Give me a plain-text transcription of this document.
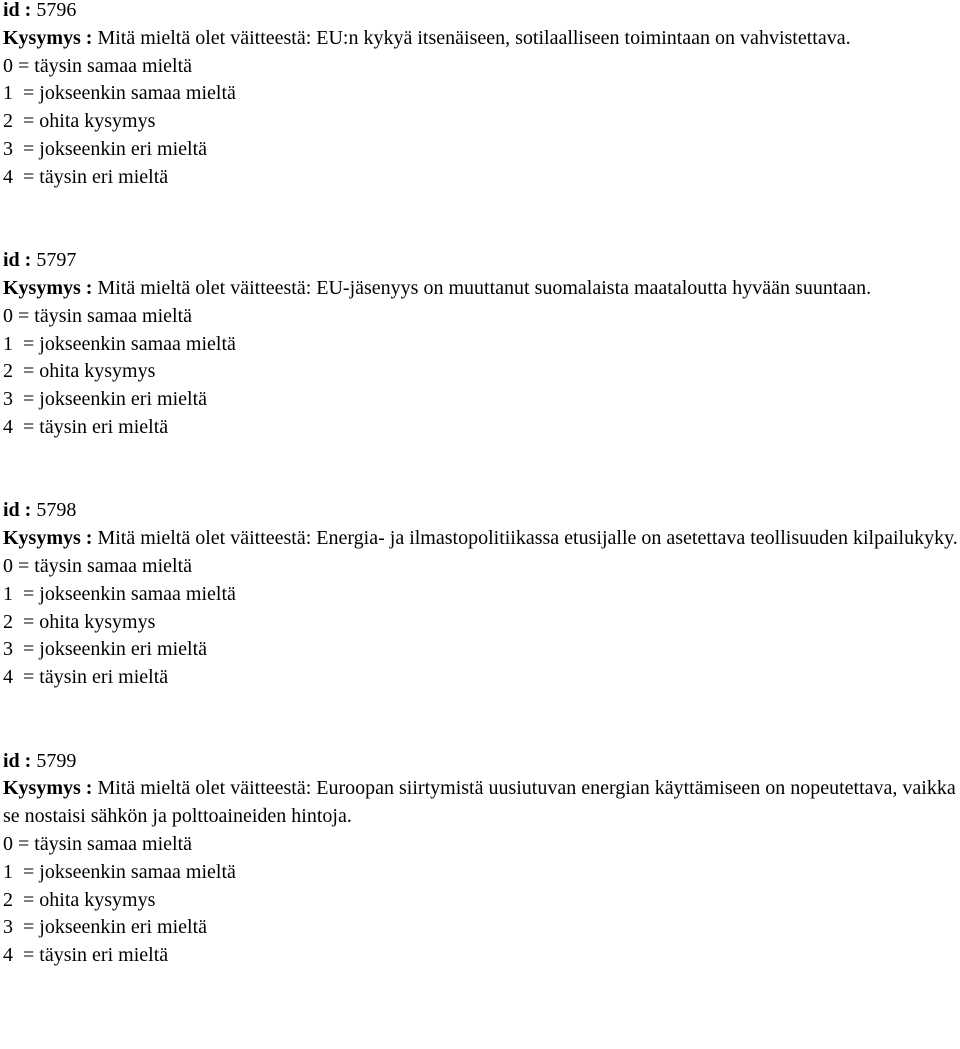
id : 5796
Kysymys : Mitä mieltä olet väitteestä: EU:n kykyä itsenäiseen, sotilaalliseen toimintaan on vahvistettava.
0 = täysin samaa mieltä
1  = jokseenkin samaa mieltä
2  = ohita kysymys
3  = jokseenkin eri mieltä
4  = täysin eri mieltä
id : 5797
Kysymys : Mitä mieltä olet väitteestä: EU-jäsenyys on muuttanut suomalaista maataloutta hyvään suuntaan.
0 = täysin samaa mieltä
1  = jokseenkin samaa mieltä
2  = ohita kysymys
3  = jokseenkin eri mieltä
4  = täysin eri mieltä
id : 5798
Kysymys : Mitä mieltä olet väitteestä: Energia- ja ilmastopolitiikassa etusijalle on asetettava teollisuuden kilpailukyky.
0 = täysin samaa mieltä
1  = jokseenkin samaa mieltä
2  = ohita kysymys
3  = jokseenkin eri mieltä
4  = täysin eri mieltä
id : 5799
Kysymys : Mitä mieltä olet väitteestä: Euroopan siirtymistä uusiutuvan energian käyttämiseen on nopeutettava, vaikka se nostaisi sähkön ja polttoaineiden hintoja.
0 = täysin samaa mieltä
1  = jokseenkin samaa mieltä
2  = ohita kysymys
3  = jokseenkin eri mieltä
4  = täysin eri mieltä
